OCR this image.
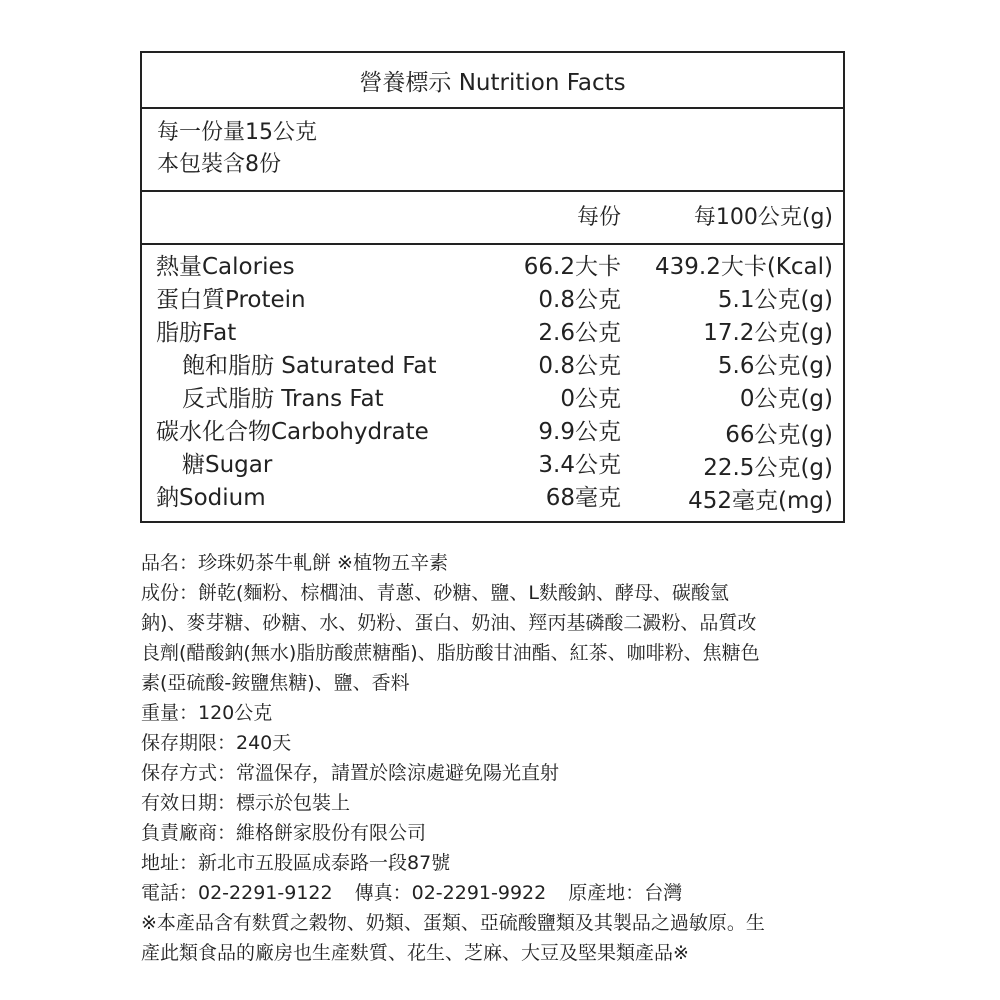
營養標示 Nutrition Facts
每一份量15公克
本包裝含8份
每份	每100公克(g)
熱量Calories	66.2大卡 439.2大卡(Kcal)
蛋白質Protein	0.8公克	5.1公克(g)
脂肪Fat	2.6公克	17.2公克(g)
飽和脂肪 Saturated Fat	0.8公克	5.6公克(g)
反式脂肪 Trans Fat	0公克	0公克(g)
碳水化合物Carbohydrate	9.9公克	66公克(g)
糖Sugar	3.4公克	22.5公克(g)
鈉Sodium	68毫克	452毫克(mg)

品名：珍珠奶茶牛軋餅 ※植物五辛素

成份：餅乾(麵粉、棕櫚油、青蔥、砂糖、鹽、L麩酸鈉、酵母、碳酸氫

鈉)、麥芽糖、砂糖、水、奶粉、蛋白、奶油、羥丙基磷酸二澱粉、品質改

良劑(醋酸鈉(無水)脂肪酸蔗糖酯)、脂肪酸甘油酯、紅茶、咖啡粉、焦糖色

素(亞硫酸-銨鹽焦糖)、鹽、香料

重量：120公克

保存期限：240天

保存方式：常溫保存，請置於陰涼處避免陽光直射

有效日期：標示於包裝上

負責廠商：維格餅家股份有限公司

地址：新北市五股區成泰路一段87號

電話：02-2291-9122 傳真：02-2291-9922 原產地：台灣

※本產品含有麩質之穀物、奶類、蛋類、亞硫酸鹽類及其製品之過敏原。生

產此類食品的廠房也生產麩質、花生、芝麻、大豆及堅果類產品※
